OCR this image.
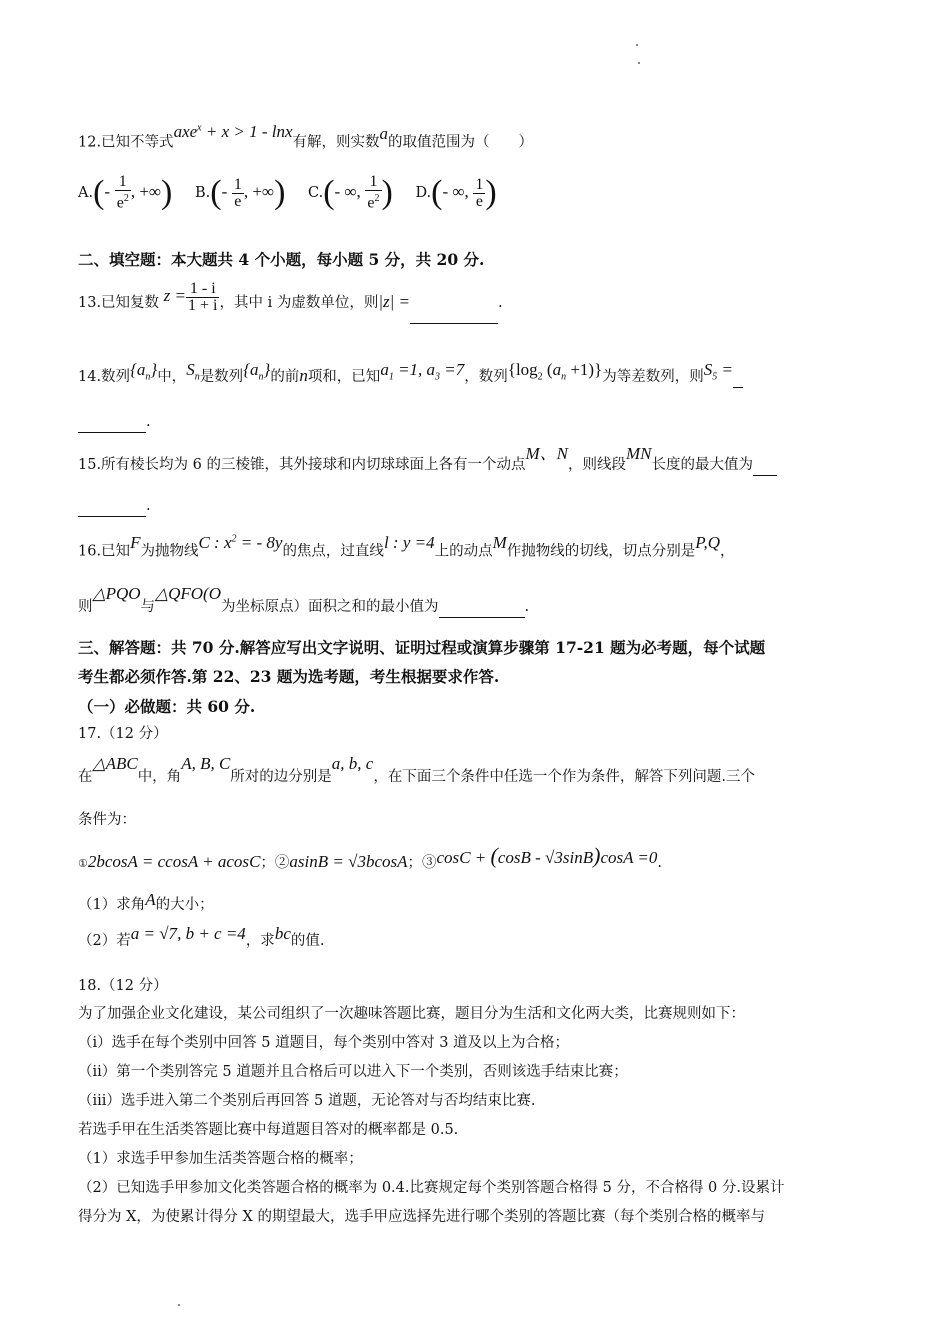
12.已知不等式axe$^x$ + x > 1 - lnx有解，则实数a的取值范围为（　　）
$A.(- \frac{1}{e^2}$ , +∞) $B.(- \frac{1}{e}$ , +∞) C.(- ∞, $\frac{1}{e^2}$ ) D.(- ∞, $\frac{1}{e}$ )
二、填空题：本大题共 4 个小题，每小题 5 分，共 20 分.
13.已知复数 $z = \frac{1 - i}{1 + i}$ ，其中 i 为虚数单位，则|z| =	.
14.数列$\{a_n\}$中，$S_n$是数列$\{a_n\}$的前n项和，已知$a_1 =1$, $a_3 =7$，数列{$\log_2$ $(a_n +1)$}为等差数列，则$S_5$ =
.
15.所有棱长均为 6 的三棱锥，其外接球和内切球球面上各有一个动点M、N，则线段MN长度的最大值为
.
16.已知F为抛物线C : $x^2$ = - 8y的焦点，过直线l : y =4上的动点M作抛物线的切线，切点分别是P,Q，
则△PQO与△QFO(O为坐标原点）面积之和的最小值为	.
三、解答题：共 70 分.解答应写出文字说明、证明过程或演算步骤第 17-21 题为必考题，每个试题
考生都必须作答.第 22、23 题为选考题，考生根据要求作答.
（一）必做题：共 60 分.
17.（12 分）
在△ABC中，角A, B, C所对的边分别是a, b, c，在下面三个条件中任选一个作为条件，解答下列问题.三个
条件为：
①2bcosA = ccosA + acosC；②asinB = √3bcosA；③cosC + (cosB - √3sinB)cosA =0.
（1）求角A的大小；
（2）若a = √7, b + c =4，求bc的值.
18.（12 分）
为了加强企业文化建设，某公司组织了一次趣味答题比赛，题目分为生活和文化两大类，比赛规则如下：
（i）选手在每个类别中回答 5 道题目，每个类别中答对 3 道及以上为合格；
（ii）第一个类别答完 5 道题并且合格后可以进入下一个类别，否则该选手结束比赛；
（iii）选手进入第二个类别后再回答 5 道题，无论答对与否均结束比赛.
若选手甲在生活类答题比赛中每道题目答对的概率都是 0.5.
（1）求选手甲参加生活类答题合格的概率；
（2）已知选手甲参加文化类答题合格的概率为 0.4.比赛规定每个类别答题合格得 5 分，不合格得 0 分.设累计
得分为 X，为使累计得分 X 的期望最大，选手甲应选择先进行哪个类别的答题比赛（每个类别合格的概率与
